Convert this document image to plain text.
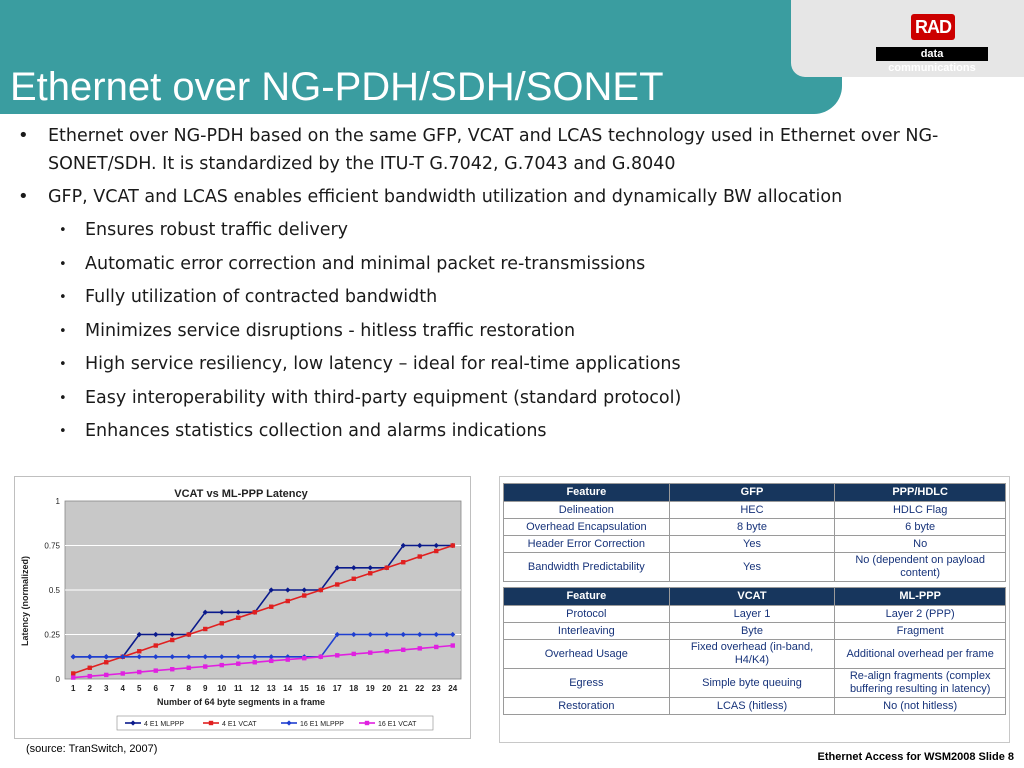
Ethernet over NG-PDH/SDH/SONET
RAD
data communications
• Ethernet over NG-PDH based on the same GFP, VCAT and LCAS technology used in Ethernet over NG-SONET/SDH. It is standardized by the ITU-T G.7042, G.7043 and G.8040
• GFP, VCAT and LCAS enables efficient bandwidth utilization and dynamically BW allocation
• Ensures robust traffic delivery
• Automatic error correction and minimal packet re-transmissions
• Fully utilization of contracted bandwidth
• Minimizes service disruptions - hitless traffic restoration
• High service resiliency, low latency – ideal for real-time applications
• Easy interoperability with third-party equipment (standard protocol)
• Enhances statistics collection and alarms indications
VCAT vs ML-PPP Latency
Number of 64 byte segments in a frame
Latency (normalized)
0
0.25
0.5
0.75
1
1 2 3 4 5 6 7 8 9 10 11 12 13 14 15 16 17 18 19 20 21 22 23 24
4 E1 MLPPP	4 E1 VCAT	16 E1 MLPPP	16 E1 VCAT
Feature	GFP	PPP/HDLC
Delineation	HEC	HDLC Flag
Overhead Encapsulation	8 byte	6 byte
Header Error Correction	Yes	No
Bandwidth Predictability	Yes	No (dependent on payload content)

Feature	VCAT	ML-PPP
Protocol	Layer 1	Layer 2 (PPP)
Interleaving	Byte	Fragment
Overhead Usage	Fixed overhead (in-band, H4/K4)	Additional overhead per frame
Egress	Simple byte queuing	Re-align fragments (complex buffering resulting in latency)
Restoration	LCAS (hitless)	No (not hitless)
(source: TranSwitch, 2007)
Ethernet Access for WSM2008 Slide 8
